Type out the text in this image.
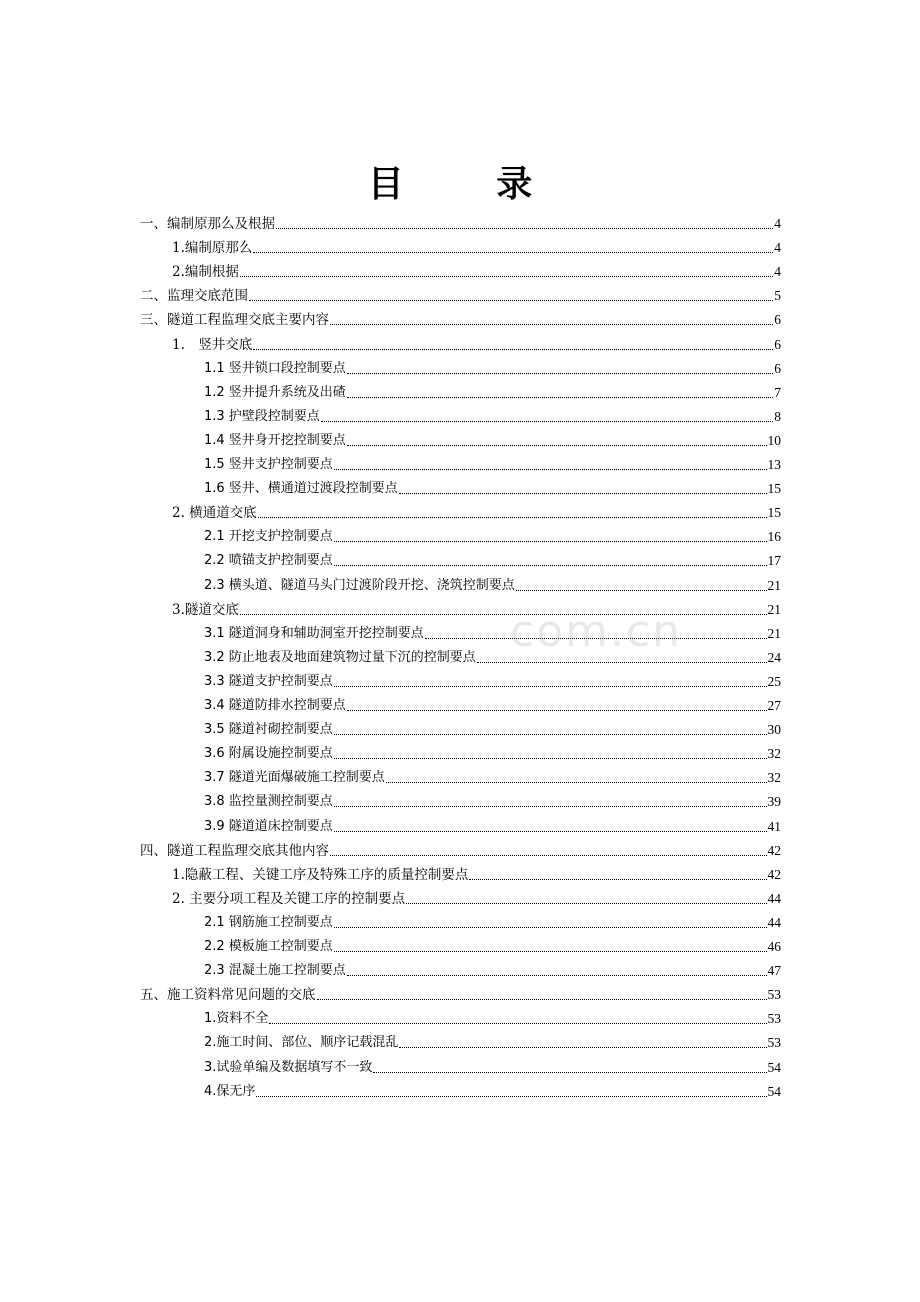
目 录
一、编制原那么及根据	4
1.编制原那么	4
2.编制根据	4
二、监理交底范围	5
三、隧道工程监理交底主要内容	6
1.　竖井交底	6
1.1 竖井锁口段控制要点	6
1.2 竖井提升系统及出碴	7
1.3 护壁段控制要点	8
1.4 竖井身开挖控制要点	10
1.5 竖井支护控制要点	13
1.6 竖井、横通道过渡段控制要点	15
2. 横通道交底	15
2.1 开挖支护控制要点	16
2.2 喷锚支护控制要点	17
2.3 横头道、隧道马头门过渡阶段开挖、浇筑控制要点	21
3.隧道交底	21
3.1 隧道洞身和辅助洞室开挖控制要点	21
3.2 防止地表及地面建筑物过量下沉的控制要点	24
3.3 隧道支护控制要点	25
3.4 隧道防排水控制要点	27
3.5 隧道衬砌控制要点	30
3.6 附属设施控制要点	32
3.7 隧道光面爆破施工控制要点	32
3.8 监控量测控制要点	39
3.9 隧道道床控制要点	41
四、隧道工程监理交底其他内容	42
1.隐蔽工程、关键工序及特殊工序的质量控制要点	42
2. 主要分项工程及关键工序的控制要点	44
2.1 钢筋施工控制要点	44
2.2 模板施工控制要点	46
2.3 混凝土施工控制要点	47
五、施工资料常见问题的交底	53
1.资料不全	53
2.施工时间、部位、顺序记载混乱	53
3.试验单编及数据填写不一致	54
4.保无序	54
com.cn
